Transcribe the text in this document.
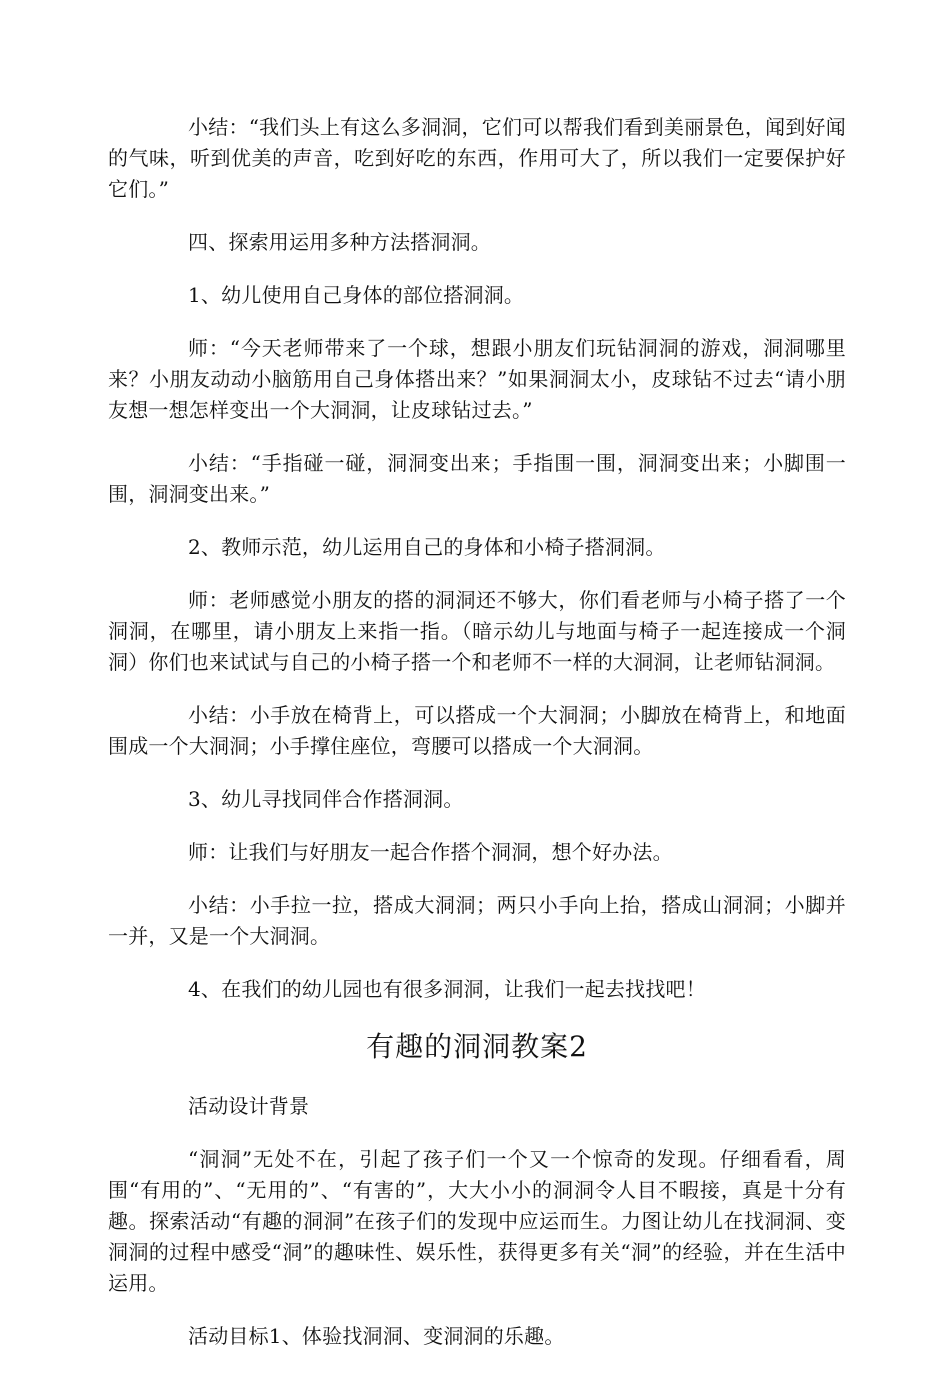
小结：“我们头上有这么多洞洞，它们可以帮我们看到美丽景色，闻到好闻的气味，听到优美的声音，吃到好吃的东西，作用可大了，所以我们一定要保护好它们。”

四、探索用运用多种方法搭洞洞。

1、幼儿使用自己身体的部位搭洞洞。

师：“今天老师带来了一个球，想跟小朋友们玩钻洞洞的游戏，洞洞哪里来？小朋友动动小脑筋用自己身体搭出来？”如果洞洞太小，皮球钻不过去“请小朋友想一想怎样变出一个大洞洞，让皮球钻过去。”

小结：“手指碰一碰，洞洞变出来；手指围一围，洞洞变出来；小脚围一围，洞洞变出来。”

2、教师示范，幼儿运用自己的身体和小椅子搭洞洞。

师：老师感觉小朋友的搭的洞洞还不够大，你们看老师与小椅子搭了一个洞洞，在哪里，请小朋友上来指一指。（暗示幼儿与地面与椅子一起连接成一个洞洞）你们也来试试与自己的小椅子搭一个和老师不一样的大洞洞，让老师钻洞洞。

小结：小手放在椅背上，可以搭成一个大洞洞；小脚放在椅背上，和地面围成一个大洞洞；小手撑住座位，弯腰可以搭成一个大洞洞。

3、幼儿寻找同伴合作搭洞洞。

师：让我们与好朋友一起合作搭个洞洞，想个好办法。

小结：小手拉一拉，搭成大洞洞；两只小手向上抬，搭成山洞洞；小脚并一并，又是一个大洞洞。

4、在我们的幼儿园也有很多洞洞，让我们一起去找找吧！

有趣的洞洞教案2

活动设计背景

“洞洞”无处不在，引起了孩子们一个又一个惊奇的发现。仔细看看，周围“有用的”、“无用的”、“有害的”，大大小小的洞洞令人目不暇接，真是十分有趣。探索活动“有趣的洞洞”在孩子们的发现中应运而生。力图让幼儿在找洞洞、变洞洞的过程中感受“洞”的趣味性、娱乐性，获得更多有关“洞”的经验，并在生活中运用。

活动目标1、体验找洞洞、变洞洞的乐趣。
